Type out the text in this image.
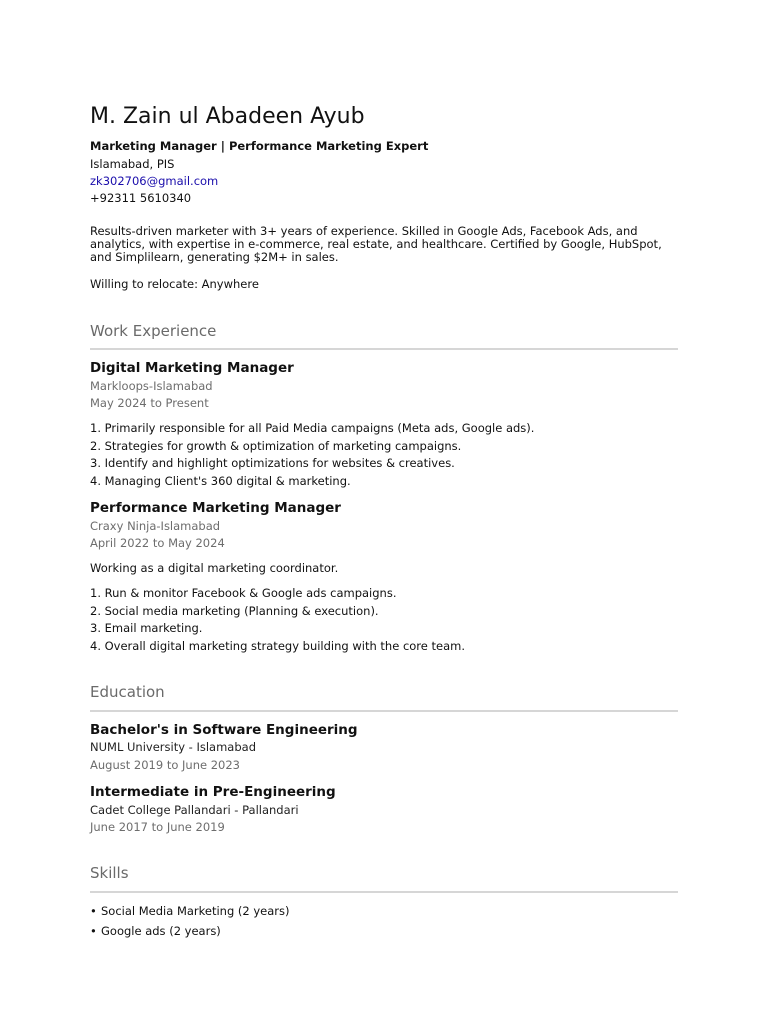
M. Zain ul Abadeen Ayub

Marketing Manager | Performance Marketing Expert

Islamabad, PIS

zk302706@gmail.com

+92311 5610340

Results-driven marketer with 3+ years of experience. Skilled in Google Ads, Facebook Ads, and analytics, with expertise in e-commerce, real estate, and healthcare. Certified by Google, HubSpot, and Simplilearn, generating $2M+ in sales.

Willing to relocate: Anywhere

Work Experience

Digital Marketing Manager

Markloops-Islamabad

May 2024 to Present

1. Primarily responsible for all Paid Media campaigns (Meta ads, Google ads).
2. Strategies for growth & optimization of marketing campaigns.
3. Identify and highlight optimizations for websites & creatives.
4. Managing Client's 360 digital & marketing.

Performance Marketing Manager

Craxy Ninja-Islamabad

April 2022 to May 2024

Working as a digital marketing coordinator.

1. Run & monitor Facebook & Google ads campaigns.
2. Social media marketing (Planning & execution).
3. Email marketing.
4. Overall digital marketing strategy building with the core team.
Education

Bachelor's in Software Engineering

NUML University - Islamabad

August 2019 to June 2023

Intermediate in Pre-Engineering

Cadet College Pallandari - Pallandari

June 2017 to June 2019

Skills
• Social Media Marketing (2 years)
• Google ads (2 years)
